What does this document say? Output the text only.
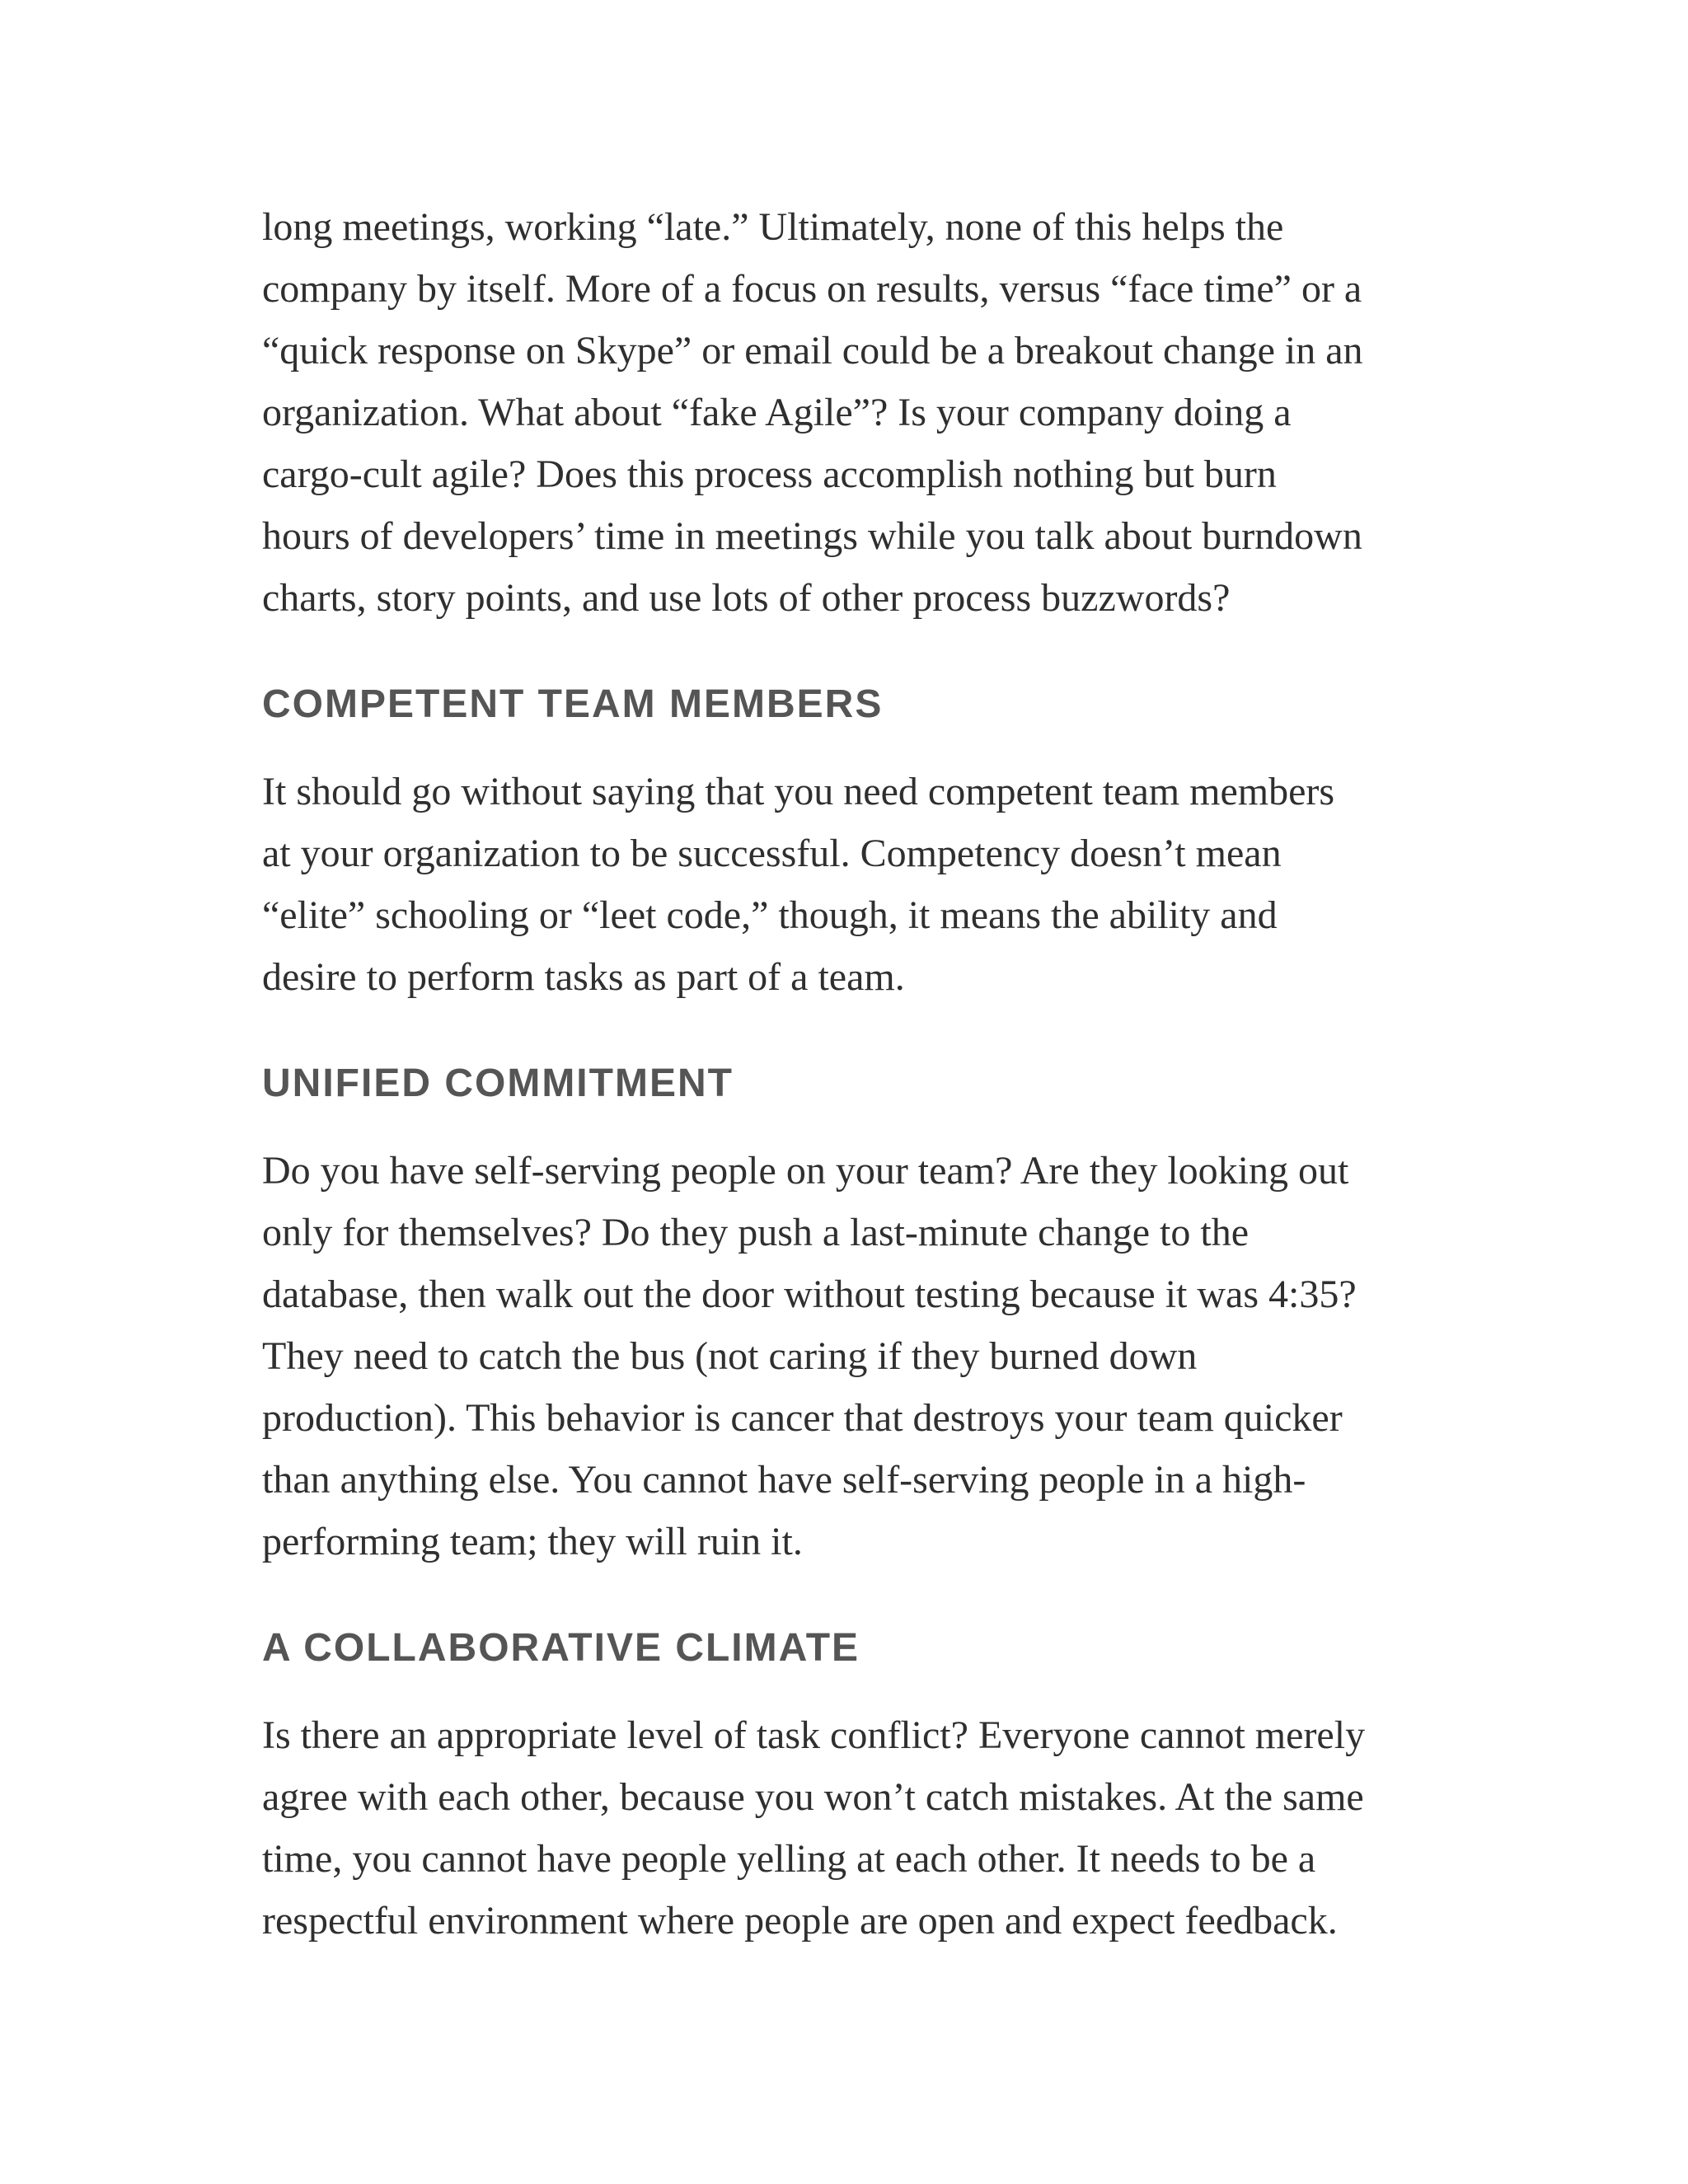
long meetings, working “late.” Ultimately, none of this helps the
company by itself. More of a focus on results, versus “face time” or a
“quick response on Skype” or email could be a breakout change in an
organization. What about “fake Agile”? Is your company doing a
cargo-cult agile? Does this process accomplish nothing but burn
hours of developers’ time in meetings while you talk about burndown
charts, story points, and use lots of other process buzzwords?

COMPETENT TEAM MEMBERS

It should go without saying that you need competent team members
at your organization to be successful. Competency doesn’t mean
“elite” schooling or “leet code,” though, it means the ability and
desire to perform tasks as part of a team.

UNIFIED COMMITMENT

Do you have self-serving people on your team? Are they looking out
only for themselves? Do they push a last-minute change to the
database, then walk out the door without testing because it was 4:35?
They need to catch the bus (not caring if they burned down
production). This behavior is cancer that destroys your team quicker
than anything else. You cannot have self-serving people in a high-
performing team; they will ruin it.

A COLLABORATIVE CLIMATE

Is there an appropriate level of task conflict? Everyone cannot merely
agree with each other, because you won’t catch mistakes. At the same
time, you cannot have people yelling at each other. It needs to be a
respectful environment where people are open and expect feedback.
